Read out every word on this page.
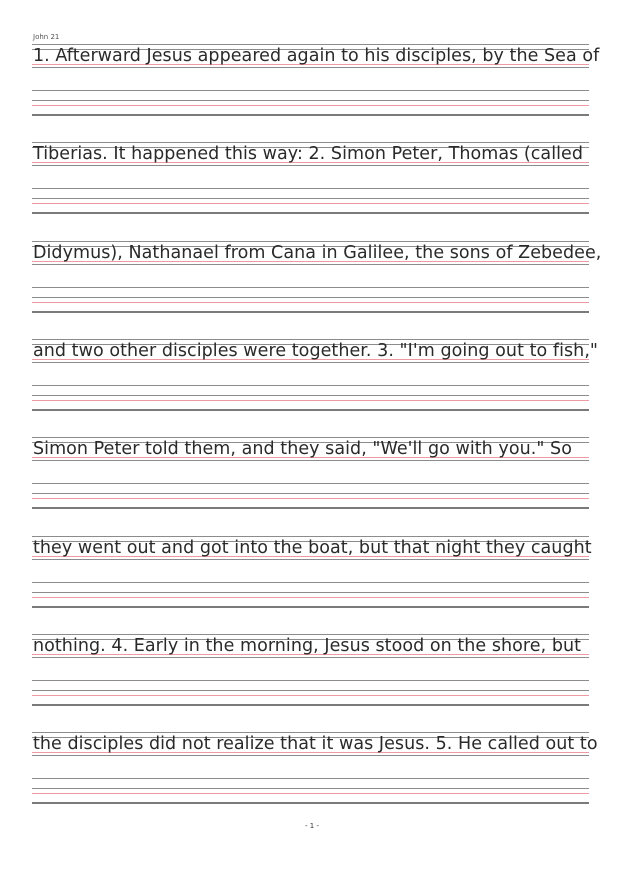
John 21
1. Afterward Jesus appeared again to his disciples, by the Sea of
Tiberias. It happened this way: 2. Simon Peter, Thomas (called
Didymus), Nathanael from Cana in Galilee, the sons of Zebedee,
and two other disciples were together. 3. "I'm going out to fish,"
Simon Peter told them, and they said, "We'll go with you." So
they went out and got into the boat, but that night they caught
nothing. 4. Early in the morning, Jesus stood on the shore, but
the disciples did not realize that it was Jesus. 5. He called out to
- 1 -
